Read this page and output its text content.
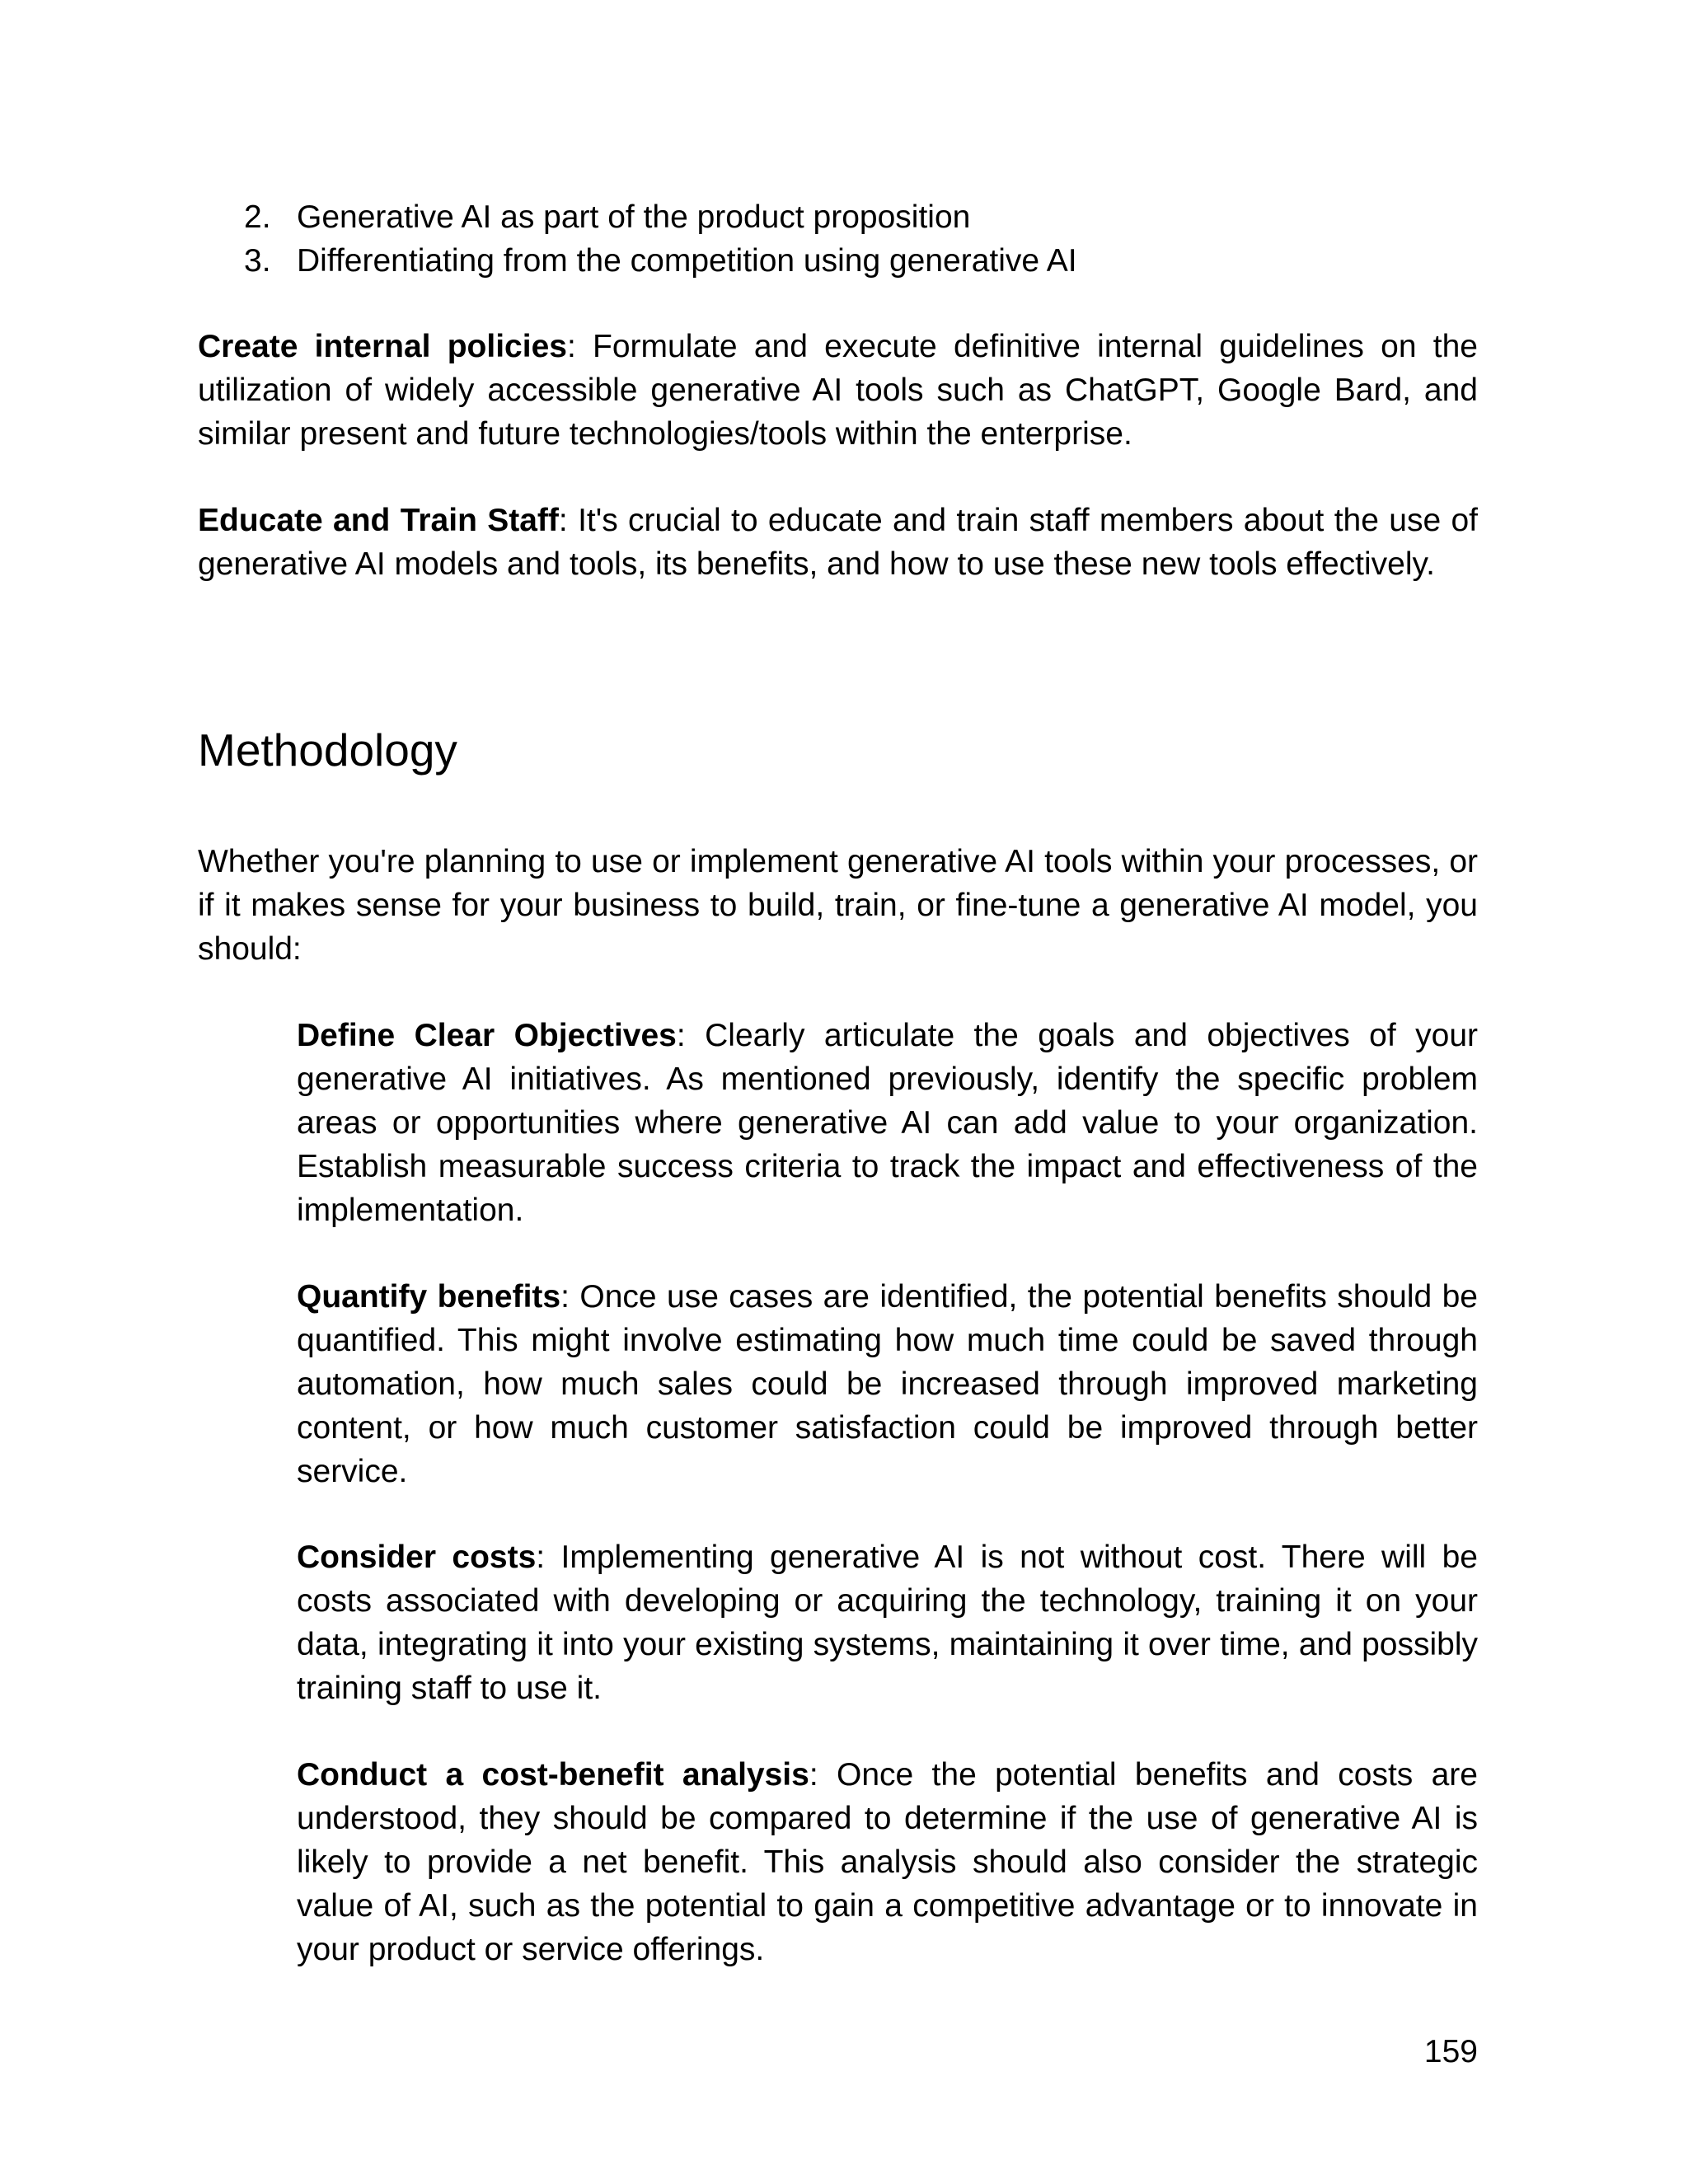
2. Generative AI as part of the product proposition
3. Differentiating from the competition using generative AI

Create internal policies: Formulate and execute definitive internal guidelines on the utilization of widely accessible generative AI tools such as ChatGPT, Google Bard, and similar present and future technologies/tools within the enterprise.

Educate and Train Staff: It's crucial to educate and train staff members about the use of generative AI models and tools, its benefits, and how to use these new tools effectively.

Methodology

Whether you're planning to use or implement generative AI tools within your processes, or if it makes sense for your business to build, train, or fine-tune a generative AI model, you should:

Define Clear Objectives: Clearly articulate the goals and objectives of your generative AI initiatives. As mentioned previously, identify the specific problem areas or opportunities where generative AI can add value to your organization. Establish measurable success criteria to track the impact and effectiveness of the implementation.

Quantify benefits: Once use cases are identified, the potential benefits should be quantified. This might involve estimating how much time could be saved through automation, how much sales could be increased through improved marketing content, or how much customer satisfaction could be improved through better service.

Consider costs: Implementing generative AI is not without cost. There will be costs associated with developing or acquiring the technology, training it on your data, integrating it into your existing systems, maintaining it over time, and possibly training staff to use it.

Conduct a cost-benefit analysis: Once the potential benefits and costs are understood, they should be compared to determine if the use of generative AI is likely to provide a net benefit. This analysis should also consider the strategic value of AI, such as the potential to gain a competitive advantage or to innovate in your product or service offerings.

159
